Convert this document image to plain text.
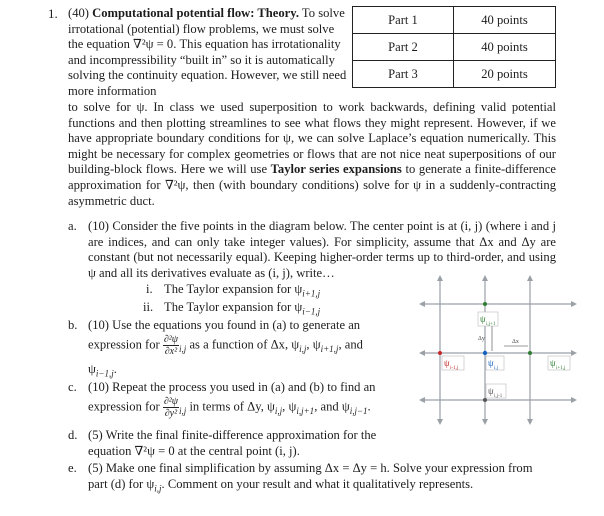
1. (40) Computational potential flow: Theory. To solve irrotational (potential) flow problems, we must solve the equation ∇²ψ = 0. This equation has irrotationality and incompressibility “built in” so it is automatically solving the continuity equation. However, we still need more information
Part 1	40 points
Part 2	40 points
Part 3	20 points
to solve for ψ. In class we used superposition to work backwards, defining valid potential functions and then plotting streamlines to see what flows they might represent. However, if we have appropriate boundary conditions for ψ, we can solve Laplace’s equation numerically. This might be necessary for complex geometries or flows that are not nice neat superpositions of our building-block flows. Here we will use Taylor series expansions to generate a finite-difference approximation for ∇²ψ, then (with boundary conditions) solve for ψ in a suddenly-contracting asymmetric duct.
a. (10) Consider the five points in the diagram below. The center point is at (i, j) (where i and j are indices, and can only take integer values). For simplicity, assume that Δx and Δy are constant (but not necessarily equal). Keeping higher-order terms up to third-order, and using ψ and all its derivatives evaluate as (i, j), write…
i. The Taylor expansion for $\psi_{i+1,j}$
ii. The Taylor expansion for $\psi_{i-1,j}$
b. (10) Use the equations you found in (a) to generate an
expression for $\frac{\text{∂²ψ}}{\text{∂x²}} _{i,j}$ as a function of Δx, $\psi_{i,j}$, $\psi_{i+1,j}$, and
$\psi_{i-1,j}$.
c. (10) Repeat the process you used in (a) and (b) to find an
expression for $\frac{\text{∂²ψ}}{\text{∂y²}} _{i,j}$ in terms of Δy, $\psi_{i,j}$, $\psi_{i,j+1}$, and $\psi_{i,j-1}$.
d. (5) Write the final finite-difference approximation for the
equation ∇²ψ = 0 at the central point (i, j).
e. (5) Make one final simplification by assuming Δx = Δy = h. Solve your expression from
part (d) for $\psi_{i,j}$. Comment on your result and what it qualitatively represents.
Δy	Δx
ψ
i,j+1
ψ
i-1,j
ψ
i,j
ψ
i+1,j
ψ
i,j-1
